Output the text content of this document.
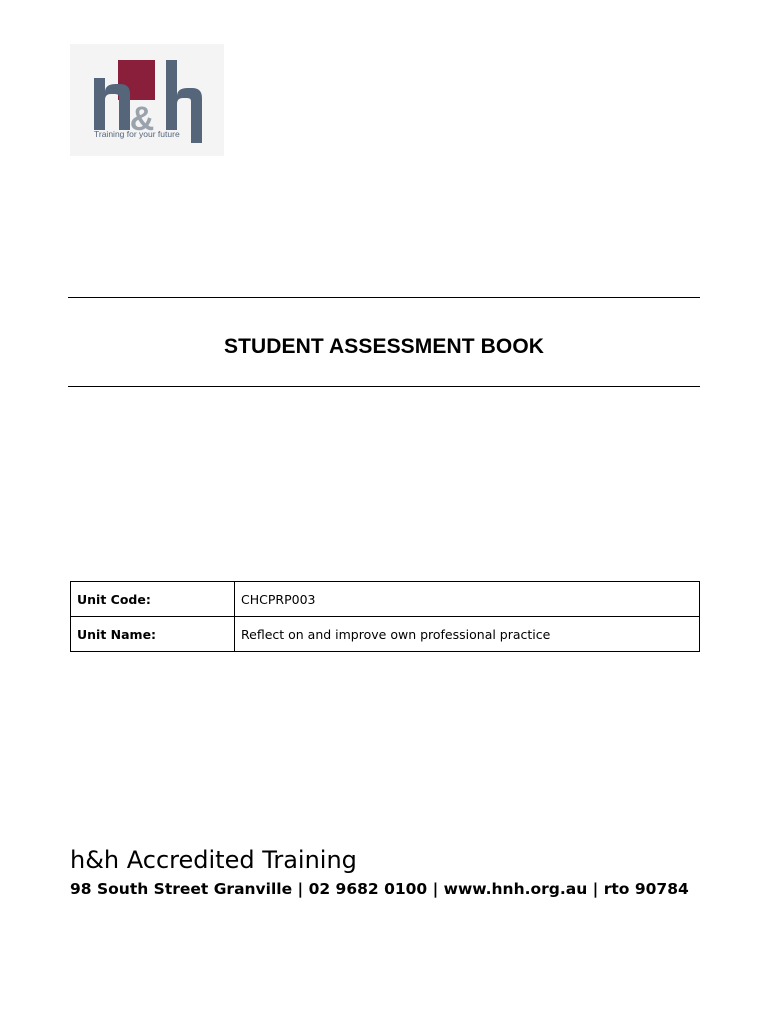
&
Training for your future
STUDENT ASSESSMENT BOOK
Unit Code:	CHCPRP003
Unit Name:	Reflect on and improve own professional practice
h&h Accredited Training
98 South Street Granville | 02 9682 0100 | www.hnh.org.au | rto 90784
